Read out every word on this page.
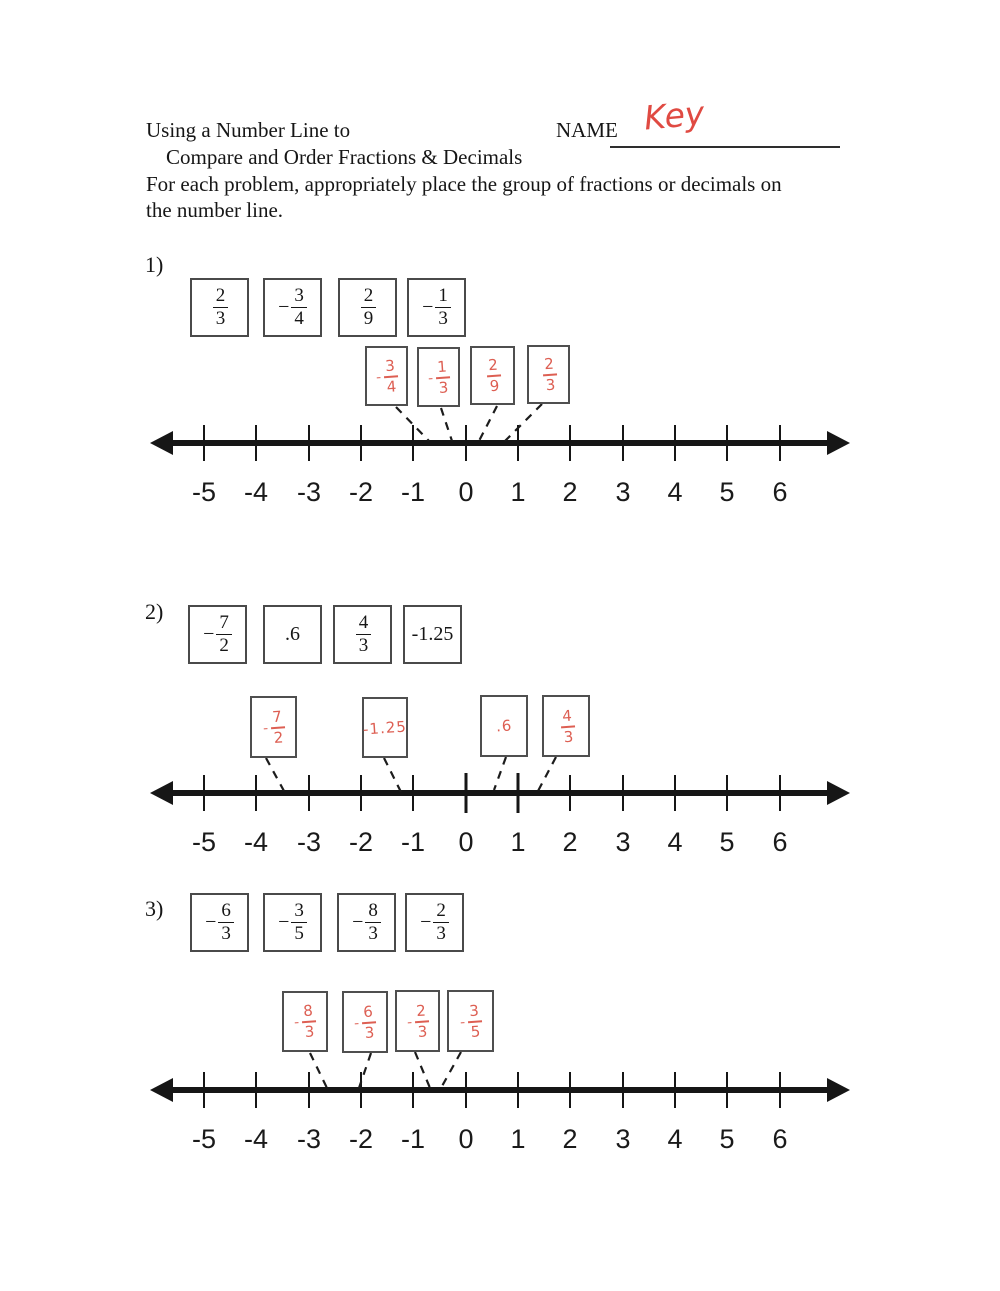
Using a Number Line to	NAME Key
Compare and Order Fractions & Decimals
For each problem, appropriately place the group of fractions or decimals on
the number line.
1)
$\frac{2}{3} - \frac{3}{4}$	$\frac{2}{9} - \frac{1}{3}$
-
3
4 -
1
3
2
9
2
3
-5 -4 -3 -2 -1 0 1 2 3 4 5 6
2)
− $\frac{7}{2}$	.6	$\frac{4}{3} -1.25$
-
7
2	-1.25	.6
4
3
-5 -4 -3 -2 -1 0 1 2 3 4 5 6
3)
− $\frac{6}{3} - \frac{3}{5} - \frac{8}{3} - \frac{2}{3}$
-
8
3	-
6
3
-
2
3 -
3
5
-5 -4 -3 -2 -1 0 1 2 3 4 5 6
